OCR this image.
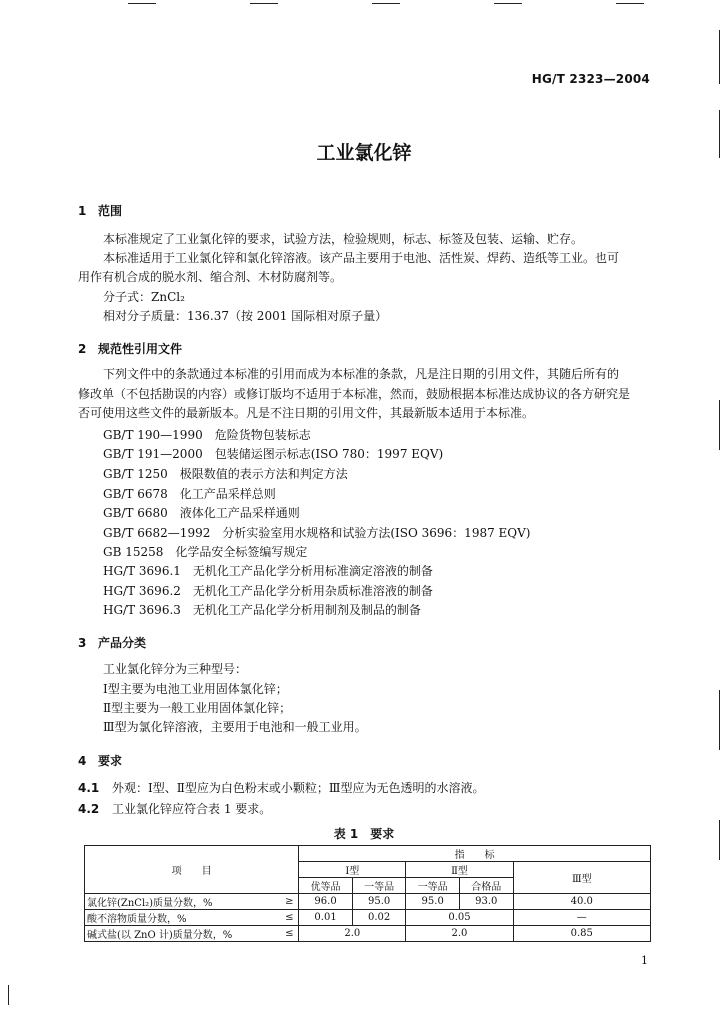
HG/T 2323—2004
工业氯化锌
1 范围
本标准规定了工业氯化锌的要求，试验方法，检验规则，标志、标签及包装、运输、贮存。
本标准适用于工业氯化锌和氯化锌溶液。该产品主要用于电池、活性炭、焊药、造纸等工业。也可
用作有机合成的脱水剂、缩合剂、木材防腐剂等。
分子式：ZnCl₂
相对分子质量：136.37（按 2001 国际相对原子量）
2 规范性引用文件
下列文件中的条款通过本标准的引用而成为本标准的条款，凡是注日期的引用文件，其随后所有的
修改单（不包括勘误的内容）或修订版均不适用于本标准，然而，鼓励根据本标准达成协议的各方研究是
否可使用这些文件的最新版本。凡是不注日期的引用文件，其最新版本适用于本标准。
GB/T 190—1990　危险货物包装标志
GB/T 191—2000　包装储运图示标志(ISO 780：1997 EQV)
GB/T 1250　极限数值的表示方法和判定方法
GB/T 6678　化工产品采样总则
GB/T 6680　液体化工产品采样通则
GB/T 6682—1992　分析实验室用水规格和试验方法(ISO 3696：1987 EQV)
GB 15258　化学品安全标签编写规定
HG/T 3696.1　无机化工产品化学分析用标准滴定溶液的制备
HG/T 3696.2　无机化工产品化学分析用杂质标准溶液的制备
HG/T 3696.3　无机化工产品化学分析用制剂及制品的制备
3 产品分类
工业氯化锌分为三种型号：
Ⅰ型主要为电池工业用固体氯化锌；
Ⅱ型主要为一般工业用固体氯化锌；
Ⅲ型为氯化锌溶液，主要用于电池和一般工业用。
4 要求
4.1 外观：Ⅰ型、Ⅱ型应为白色粉末或小颗粒；Ⅲ型应为无色透明的水溶液。
4.2 工业氯化锌应符合表 1 要求。
表 1　要求
项　　目		指　　标				
		Ⅰ型		Ⅱ型		Ⅲ型
		优等品	一等品	一等品	合格品	
氯化锌(ZnCl₂)质量分数，%	≥	96.0	95.0	95.0	93.0	40.0
酸不溶物质量分数，%	≤	0.01	0.02	0.05		—
碱式盐(以 ZnO 计)质量分数，%	≤	2.0		2.0		0.85
1
